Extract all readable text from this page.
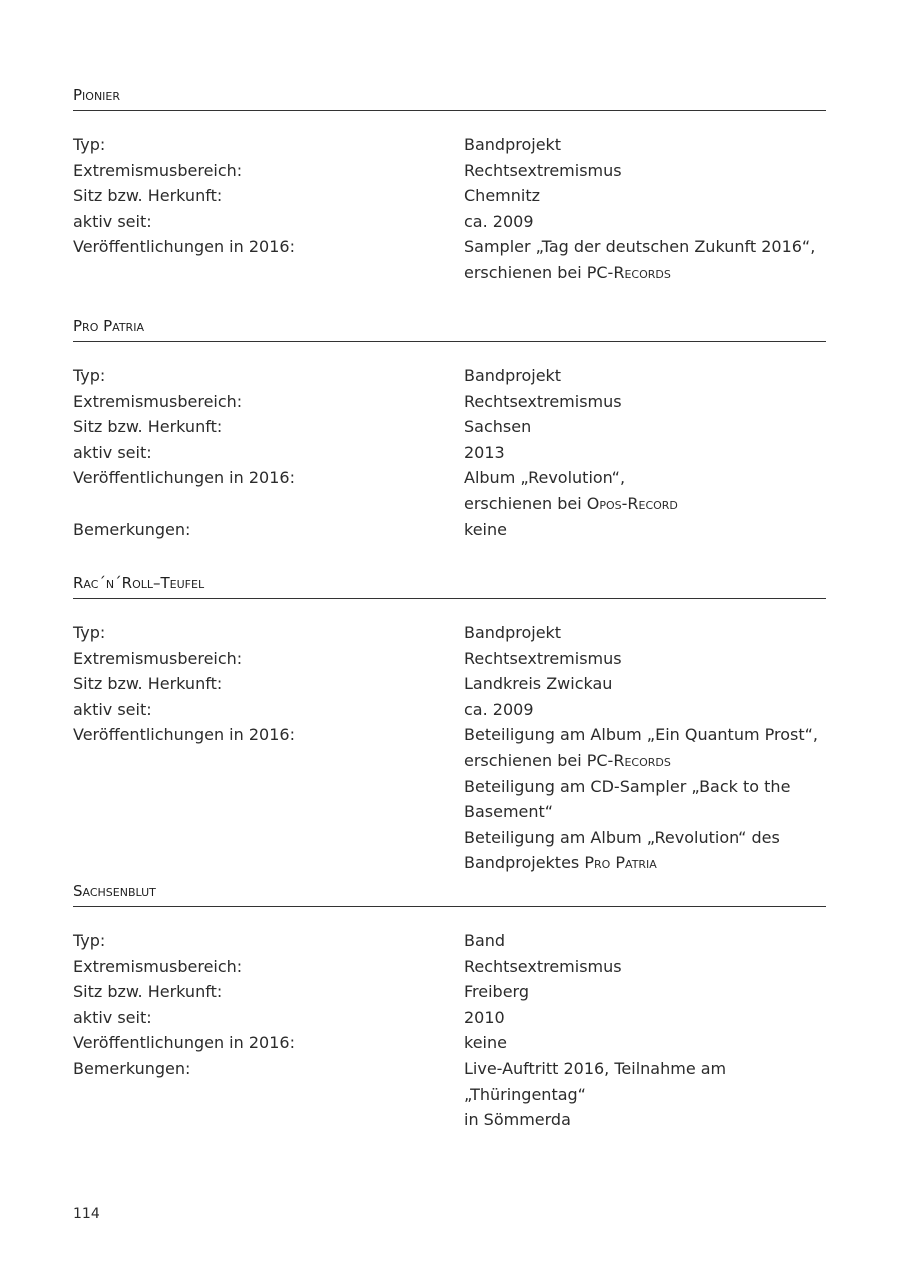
Pionier
Typ:	Bandprojekt
Extremismusbereich:	Rechtsextremismus
Sitz bzw. Herkunft:	Chemnitz
aktiv seit:	ca. 2009
Veröffentlichungen in 2016:	Sampler „Tag der deutschen Zukunft 2016“,

erschienen bei PC-Records

Pro Patria
Typ:	Bandprojekt
Extremismusbereich:	Rechtsextremismus
Sitz bzw. Herkunft:	Sachsen
aktiv seit:	2013
Veröffentlichungen in 2016:	Album „Revolution“,

erschienen bei Opos-Record

Bemerkungen:	keine
Rac´n´Roll–Teufel
Typ:	Bandprojekt
Extremismusbereich:	Rechtsextremismus
Sitz bzw. Herkunft:	Landkreis Zwickau
aktiv seit:	ca. 2009
Veröffentlichungen in 2016:	Beteiligung am Album „Ein Quantum Prost“,

erschienen bei PC-Records

Beteiligung am CD-Sampler „Back to the Basement“

Beteiligung am Album „Revolution“ des

Bandprojektes Pro Patria

Sachsenblut
Typ:	Band
Extremismusbereich:	Rechtsextremismus
Sitz bzw. Herkunft:	Freiberg
aktiv seit:	2010
Veröffentlichungen in 2016:	keine
Bemerkungen:	Live-Auftritt 2016, Teilnahme am „Thüringentag“

in Sömmerda

114
